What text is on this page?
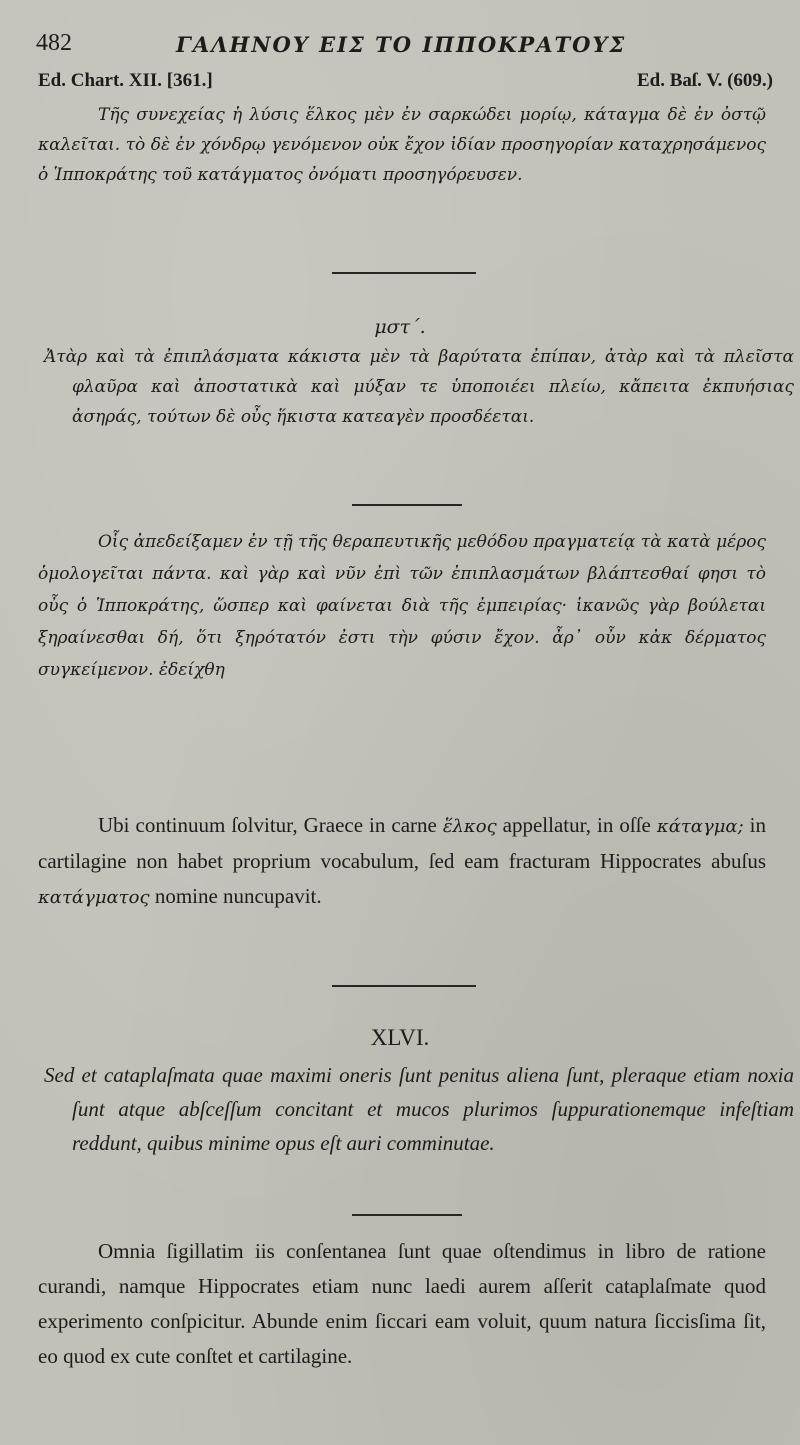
482	ΓΑΛΗΝΟΥ ΕΙΣ ΤΟ ΙΠΠΟΚΡΑΤΟΥΣ
Ed. Chart. XII. [361.]	Ed. Baſ. V. (609.)
Τῆς συνεχείας ἡ λύσις ἕλκος μὲν ἐν σαρκώδει μορίῳ, κάταγμα δὲ ἐν ὀστῷ καλεῖται. τὸ δὲ ἐν χόνδρῳ γενόμενον οὐκ ἔχον ἰδίαν προσηγορίαν καταχρησάμενος ὁ Ἱπποκράτης τοῦ κατάγματος ὀνόματι προσηγόρευσεν.
μστ΄.
Ἀτὰρ καὶ τὰ ἐπιπλάσματα κάκιστα μὲν τὰ βαρύτατα ἐπίπαν, ἀτὰρ καὶ τὰ πλεῖστα φλαῦρα καὶ ἀποστατικὰ καὶ μύξαν τε ὑποποιέει πλείω, κἄπειτα ἐκπυήσιας ἀσηράς, τούτων δὲ οὖς ἥκιστα κατεαγὲν προσδέεται.
Οἷς ἀπεδείξαμεν ἐν τῇ τῆς θεραπευτικῆς μεθόδου πραγματείᾳ τὰ κατὰ μέρος ὁμολογεῖται πάντα. καὶ γὰρ καὶ νῦν ἐπὶ τῶν ἐπιπλασμάτων βλάπτεσθαί φησι τὸ οὖς ὁ Ἱπποκράτης, ὥσπερ καὶ φαίνεται διὰ τῆς ἐμπειρίας· ἱκανῶς γὰρ βούλεται ξηραίνεσθαι δή, ὅτι ξηρότατόν ἐστι τὴν φύσιν ἔχον. ἆρ᾽ οὖν κἀκ δέρματος συγκείμενον. ἐδείχθη
Ubi continuum ſolvitur, Graece in carne ἕλκος appellatur, in oſſe κάταγμα; in cartilagine non habet proprium vocabulum, ſed eam fracturam Hippocrates abuſus κατάγματος nomine nuncupavit.
XLVI.
Sed et cataplaſmata quae maximi oneris ſunt penitus aliena ſunt, pleraque etiam noxia ſunt atque abſceſſum concitant et mucos plurimos ſuppurationemque infeſtiam reddunt, quibus minime opus eſt auri comminutae.
Omnia ſigillatim iis conſentanea ſunt quae oſtendimus in libro de ratione curandi, namque Hippocrates etiam nunc laedi aurem aſſerit cataplaſmate quod experimento conſpicitur. Abunde enim ſiccari eam voluit, quum natura ſiccisſima ſit, eo quod ex cute conſtet et cartilagine.
